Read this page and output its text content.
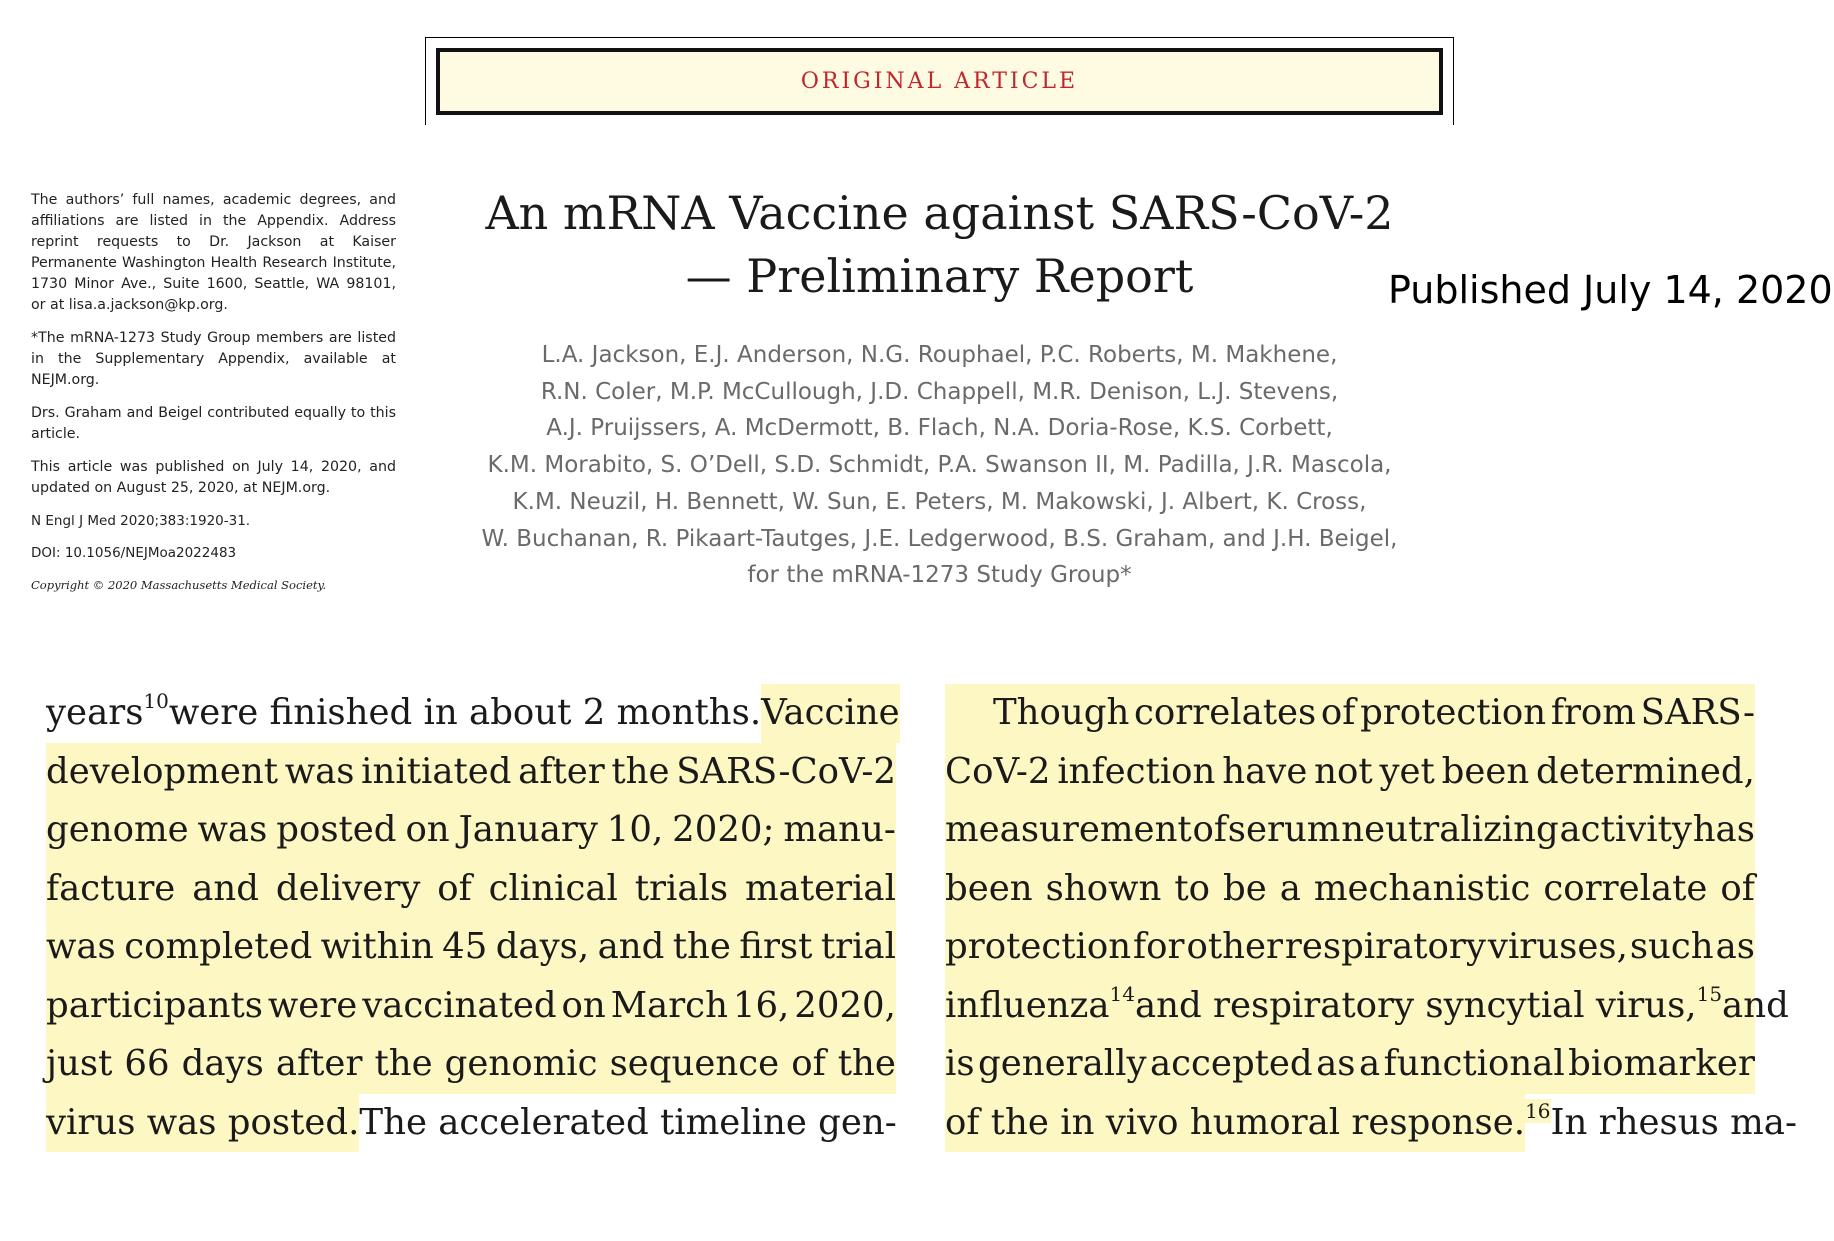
ORIGINAL ARTICLE

The authors’ full names, academic degrees, and affiliations are listed in the Appendix. Address reprint requests to Dr. Jackson at Kaiser Permanente Washington Health Research Institute, 1730 Minor Ave., Suite 1600, Seattle, WA 98101, or at lisa.a.jackson@kp.org.

*The mRNA-1273 Study Group members are listed in the Supplementary Appendix, available at NEJM.org.

Drs. Graham and Beigel contributed equally to this article.

This article was published on July 14, 2020, and updated on August 25, 2020, at NEJM.org.

N Engl J Med 2020;383:1920-31.

DOI: 10.1056/NEJMoa2022483

Copyright © 2020 Massachusetts Medical Society.

An mRNA Vaccine against SARS-CoV-2
— Preliminary Report	Published July 14, 2020
L.A. Jackson, E.J. Anderson, N.G. Rouphael, P.C. Roberts, M. Makhene,
R.N. Coler, M.P. McCullough, J.D. Chappell, M.R. Denison, L.J. Stevens,
A.J. Pruijssers, A. McDermott, B. Flach, N.A. Doria-Rose, K.S. Corbett,
K.M. Morabito, S. O’Dell, S.D. Schmidt, P.A. Swanson II, M. Padilla, J.R. Mascola,
K.M. Neuzil, H. Bennett, W. Sun, E. Peters, M. Makowski, J. Albert, K. Cross,
W. Buchanan, R. Pikaart-Tautges, J.E. Ledgerwood, B.S. Graham, and J.H. Beigel,
for the mRNA-1273 Study Group*
years$^{10}$were finished in about 2 months. Vaccine
development was initiated after the SARS-CoV-2
genome was posted on January 10, 2020; manu-
facture and delivery of clinical trials material
was completed within 45 days, and the first trial
participants were vaccinated on March 16, 2020,
just 66 days after the genomic sequence of the
virus was posted. The accelerated timeline gen-
Though correlates of protection from SARS-
CoV-2 infection have not yet been determined,
measurement of serum neutralizing activity has
been shown to be a mechanistic correlate of
protection for other respiratory viruses, such as
influenza$^{14}$and respiratory syncytial virus,$^{15}$and
is generally accepted as a functional biomarker
of the in vivo humoral response.$^{16}$In rhesus ma-
